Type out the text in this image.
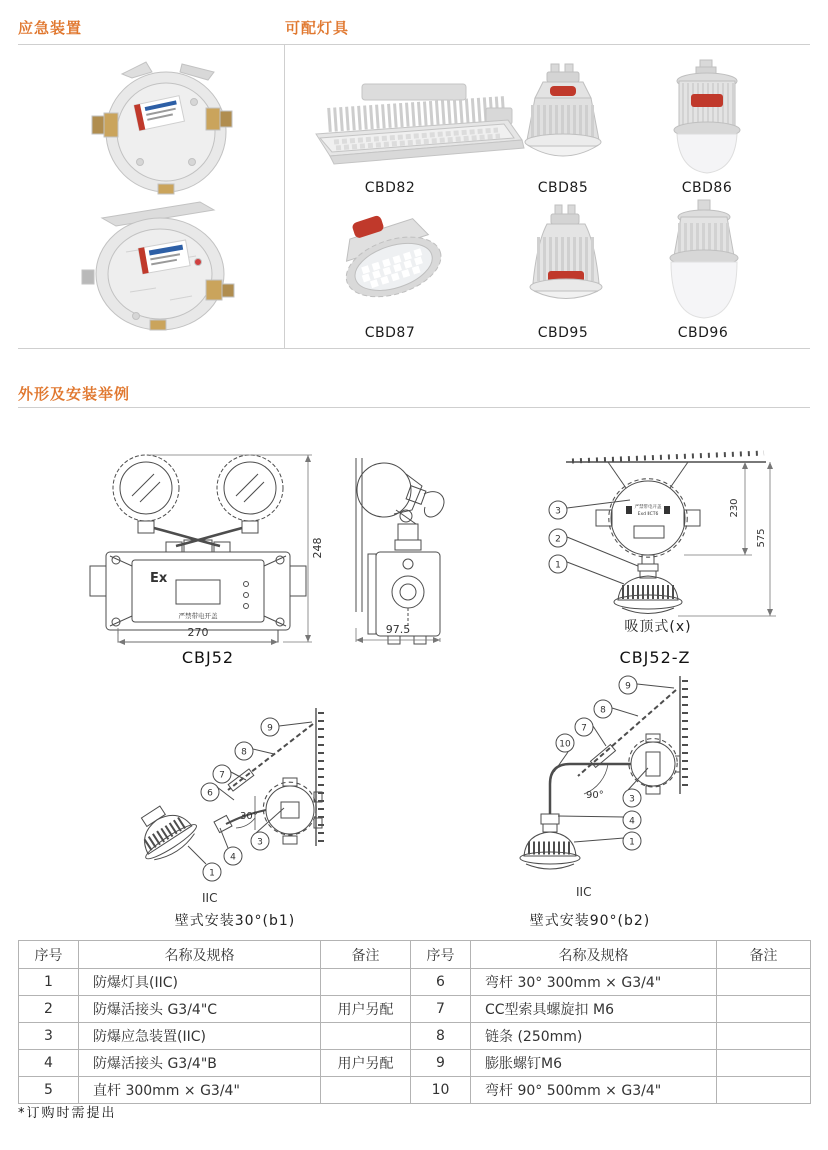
应急装置	可配灯具
CBD82	CBD85	CBD86
CBD87	CBD95	CBD96
外形及安装举例
Ex
严禁带电开盖
248
270
CBJ52
97.5
严禁带电开盖
Exd ⅡCT6
3
2
1
230
575
吸顶式(x)
CBJ52-Z
9
8
7
6
4
3
1
30°
IIC
壁式安装30°(b1)
9
8
7
10
3
4
1
90°
IIC
壁式安装90°(b2)
序号	名称及规格	备注	序号	名称及规格	备注
1	防爆灯具(IIC)		6	弯杆 30° 300mm × G3/4"	
2	防爆活接头 G3/4"C	用户另配	7	CC型索具螺旋扣 M6	
3	防爆应急装置(IIC)		8	链条 (250mm)	
4	防爆活接头 G3/4"B	用户另配	9	膨胀螺钉M6	
5	直杆 300mm × G3/4"		10	弯杆 90° 500mm × G3/4"	
*订购时需提出
